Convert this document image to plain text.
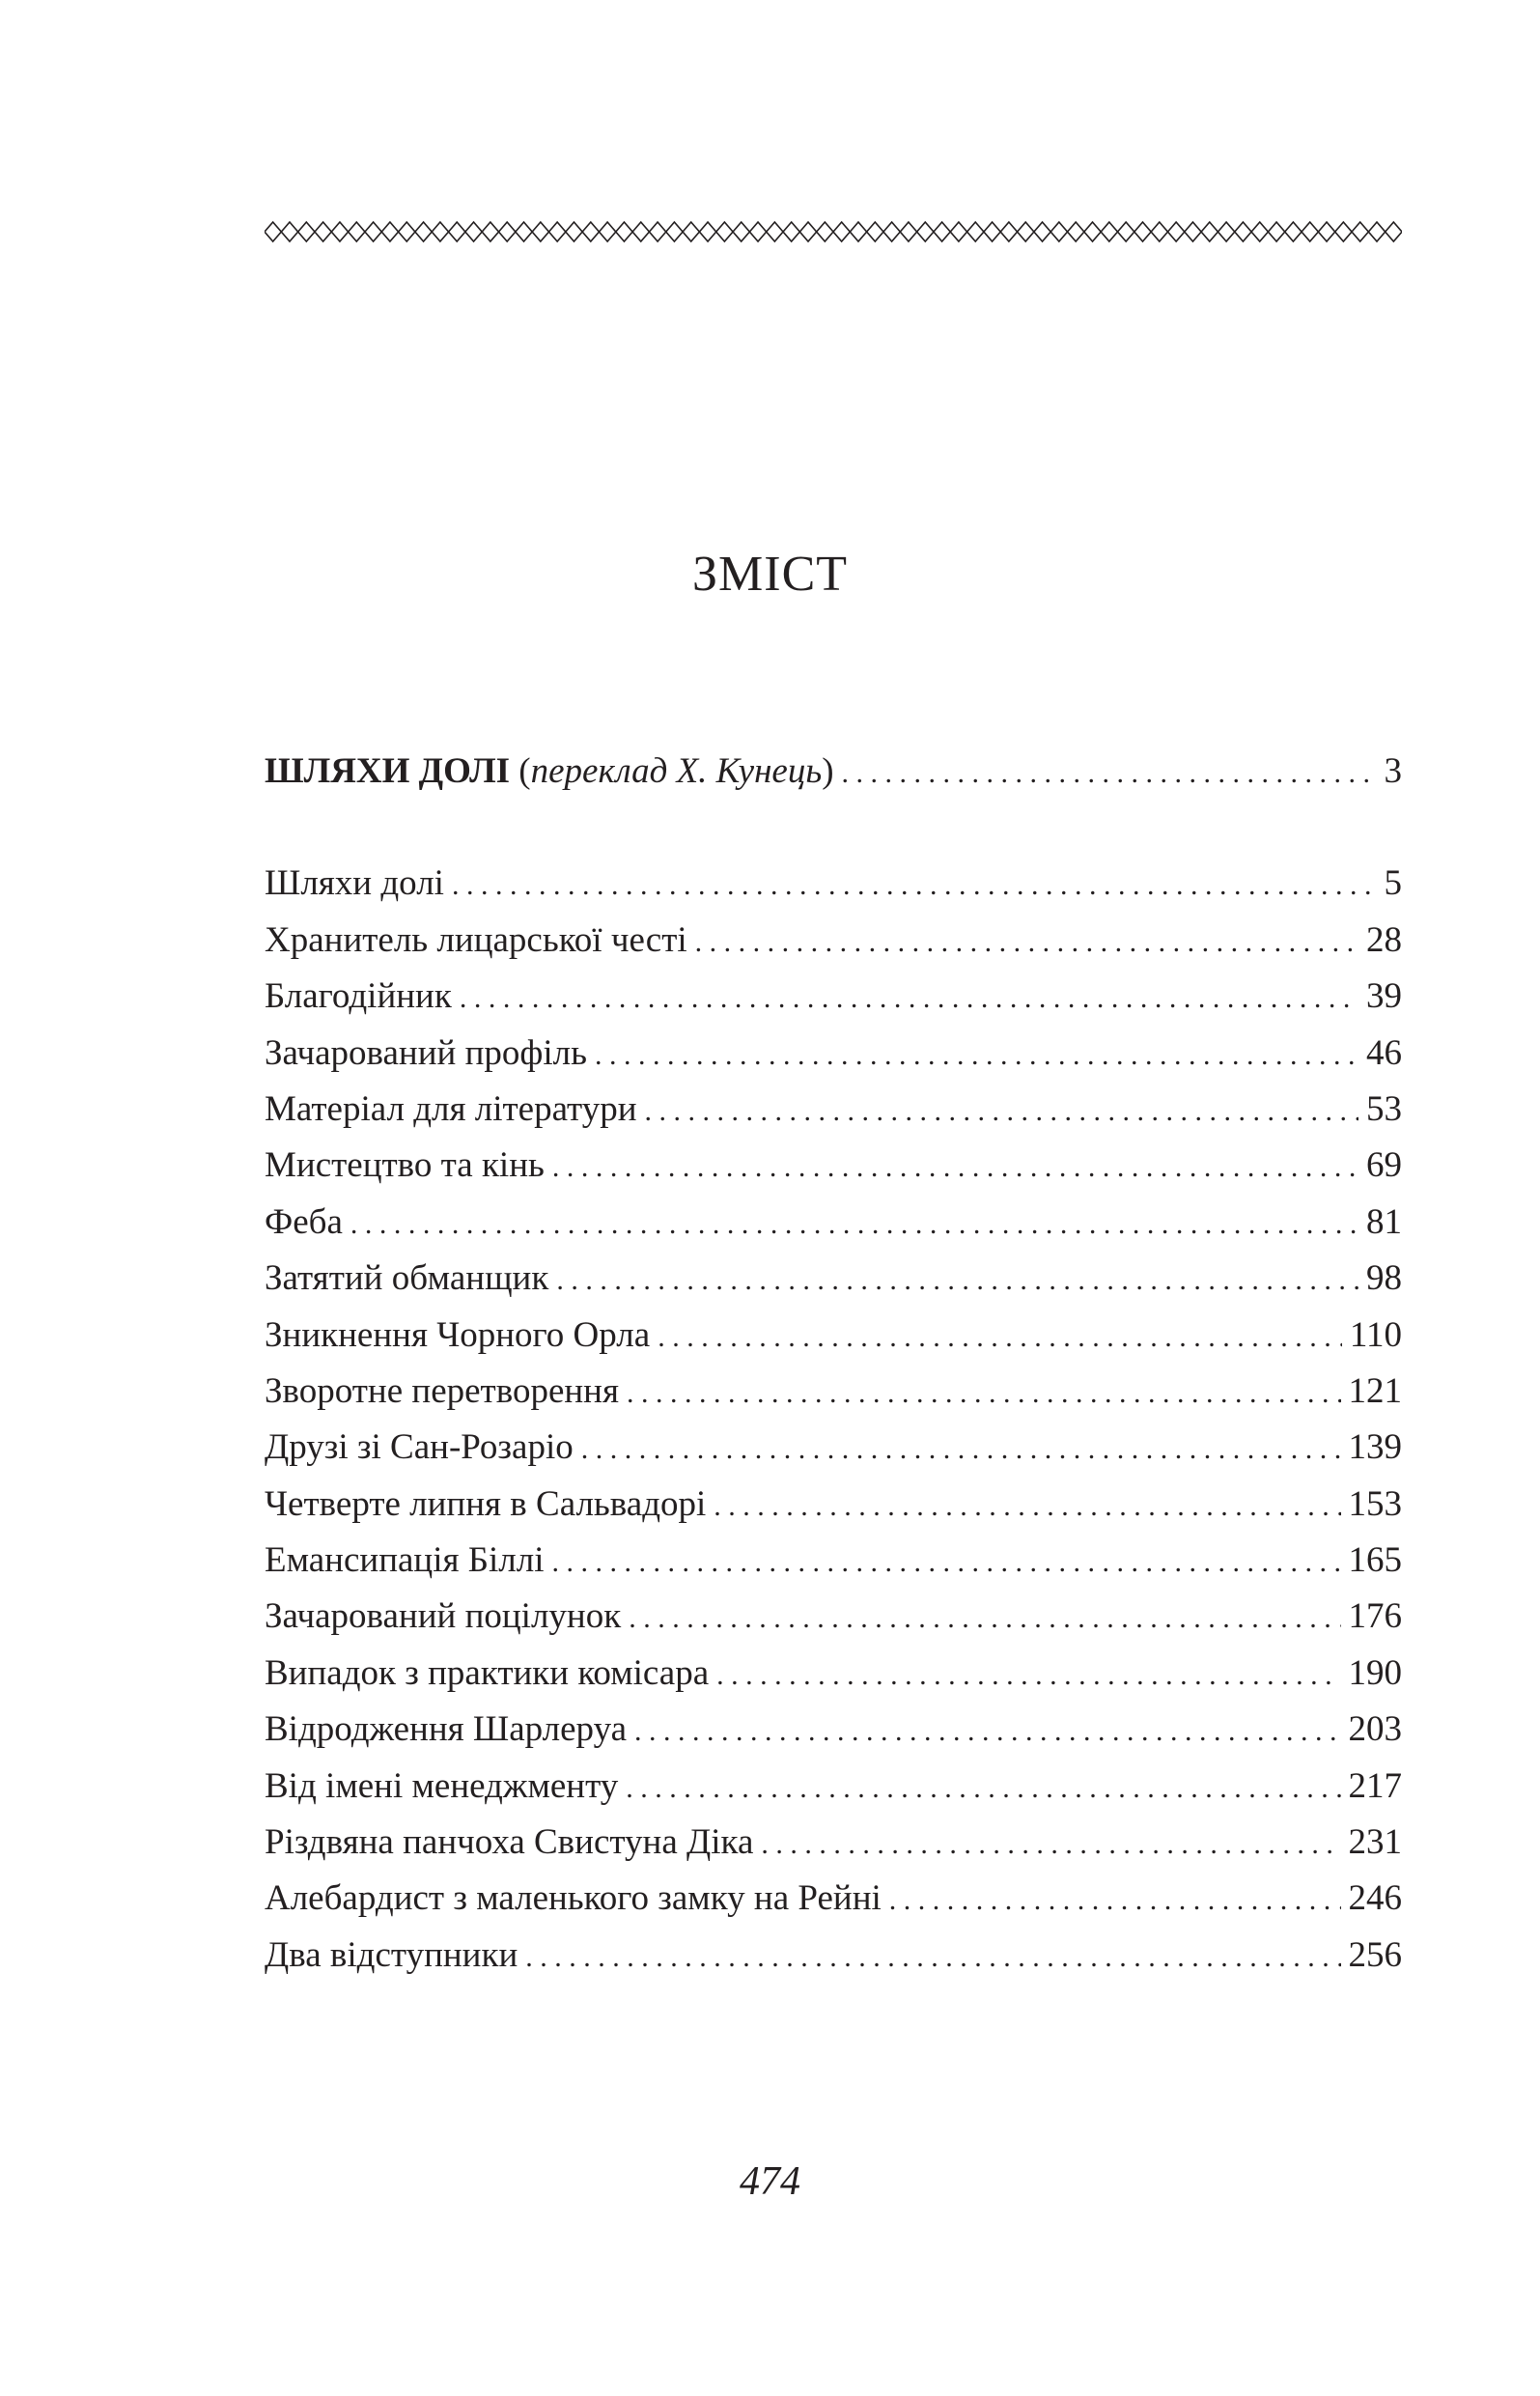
ЗМІСТ
ШЛЯХИ ДОЛІ (переклад Х. Кунець) . . .	3
Шляхи долі . . .	5
Хранитель лицарської честі . . .	28
Благодійник . . .	39
Зачарований профіль . . .	46
Матеріал для літератури . . .	53
Мистецтво та кінь . . .	69
Феба . . .	81
Затятий обманщик . . .	98
Зникнення Чорного Орла . . .	110
Зворотне перетворення . . .	121
Друзі зі Сан-Розаріо . . .	139
Четверте липня в Сальвадорі . . .	153
Емансипація Біллі . . .	165
Зачарований поцілунок . . .	176
Випадок з практики комісара . . .	190
Відродження Шарлеруа . . .	203
Від імені менеджменту . . .	217
Різдвяна панчоха Свистуна Діка . . .	231
Алебардист з маленького замку на Рейні . . .	246
Два відступники . . .	256
474
